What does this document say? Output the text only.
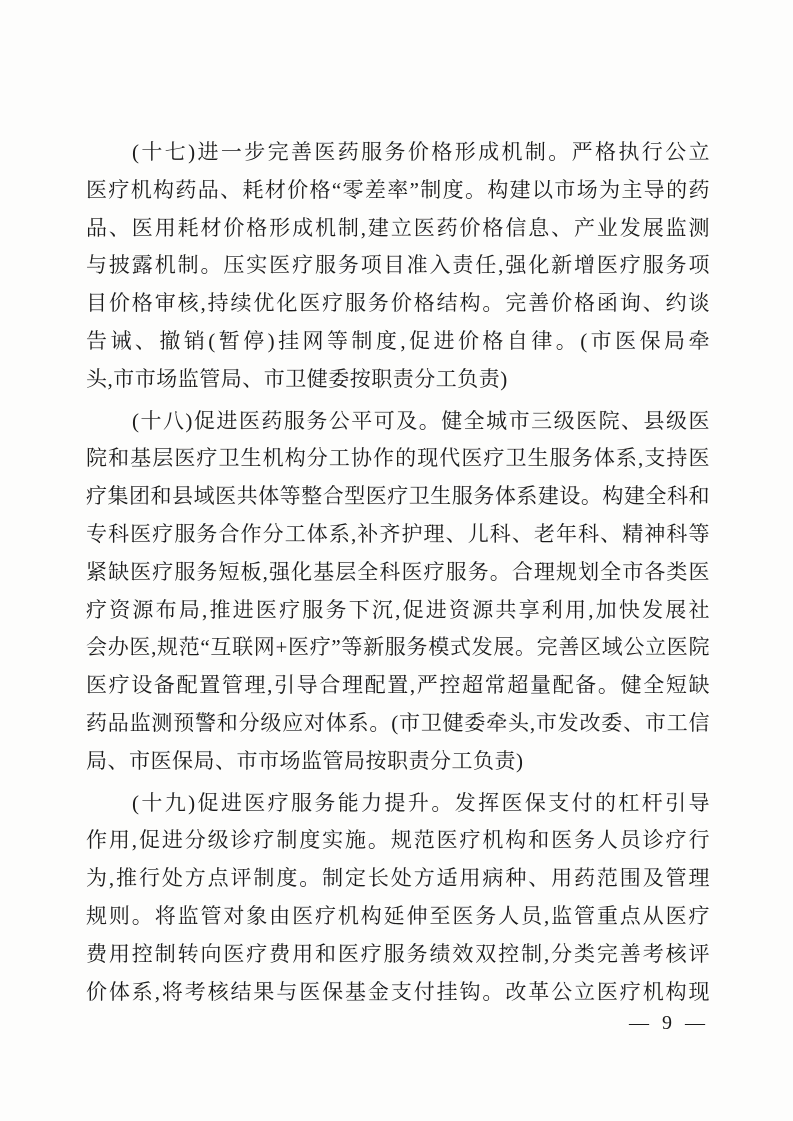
(十七)进一步完善医药服务价格形成机制。严格执行公立
医疗机构药品、耗材价格“零差率”制度。构建以市场为主导的药
品、医用耗材价格形成机制,建立医药价格信息、产业发展监测
与披露机制。压实医疗服务项目准入责任,强化新增医疗服务项
目价格审核,持续优化医疗服务价格结构。完善价格函询、约谈
告诫、撤销(暂停)挂网等制度,促进价格自律。(市医保局牵
头,市市场监管局、市卫健委按职责分工负责)
(十八)促进医药服务公平可及。健全城市三级医院、县级医
院和基层医疗卫生机构分工协作的现代医疗卫生服务体系,支持医
疗集团和县域医共体等整合型医疗卫生服务体系建设。构建全科和
专科医疗服务合作分工体系,补齐护理、儿科、老年科、精神科等
紧缺医疗服务短板,强化基层全科医疗服务。合理规划全市各类医
疗资源布局,推进医疗服务下沉,促进资源共享利用,加快发展社
会办医,规范“互联网+医疗”等新服务模式发展。完善区域公立医院
医疗设备配置管理,引导合理配置,严控超常超量配备。健全短缺
药品监测预警和分级应对体系。(市卫健委牵头,市发改委、市工信
局、市医保局、市市场监管局按职责分工负责)
(十九)促进医疗服务能力提升。发挥医保支付的杠杆引导
作用,促进分级诊疗制度实施。规范医疗机构和医务人员诊疗行
为,推行处方点评制度。制定长处方适用病种、用药范围及管理
规则。将监管对象由医疗机构延伸至医务人员,监管重点从医疗
费用控制转向医疗费用和医疗服务绩效双控制,分类完善考核评
价体系,将考核结果与医保基金支付挂钩。改革公立医疗机构现
— 9 —
